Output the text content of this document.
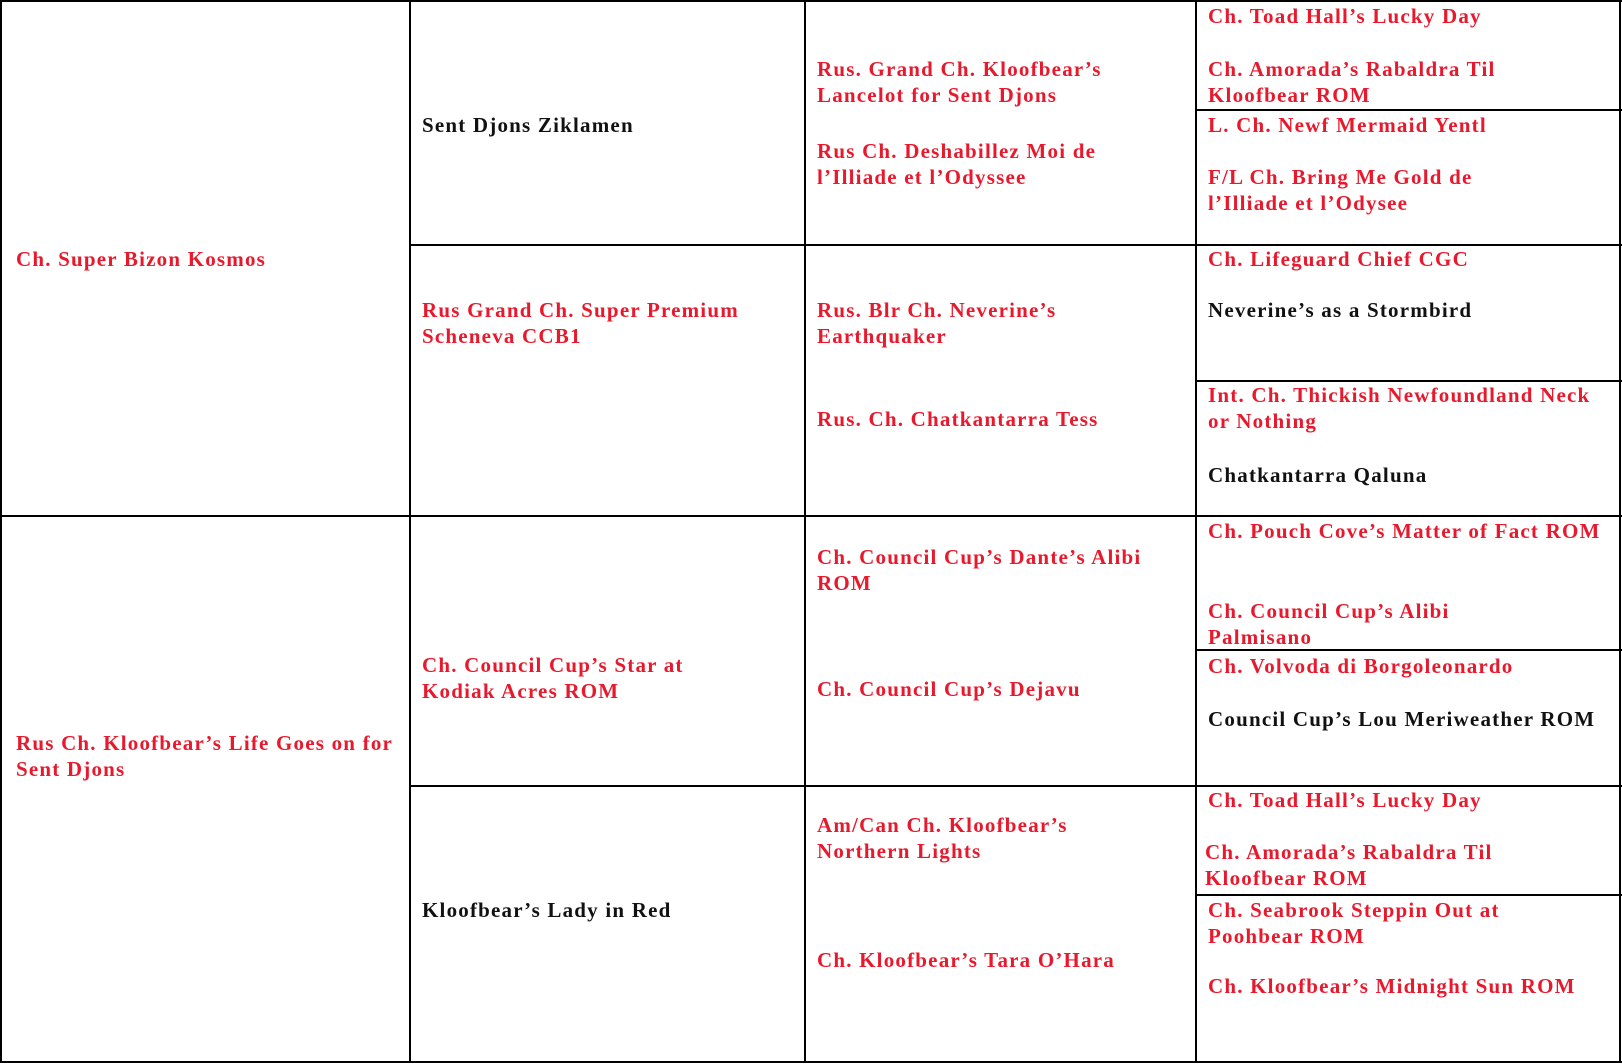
Ch. Super Bizon Kosmos
Rus Ch. Kloofbear’s Life Goes on for Sent Djons
Sent Djons Ziklamen
Rus Grand Ch. Super Premium Scheneva CCB1
Ch. Council Cup’s Star at Kodiak Acres ROM
Kloofbear’s Lady in Red
Rus. Grand Ch. Kloofbear’s Lancelot for Sent Djons
Rus Ch. Deshabillez Moi de l’Illiade et l’Odyssee
Rus. Blr Ch. Neverine’s Earthquaker
Rus. Ch. Chatkantarra Tess
Ch. Council Cup’s Dante’s Alibi ROM
Ch. Council Cup’s Dejavu
Am/Can Ch. Kloofbear’s Northern Lights
Ch. Kloofbear’s Tara O’Hara
Ch. Toad Hall’s Lucky Day
Ch. Amorada’s Rabaldra Til Kloofbear ROM
L. Ch. Newf Mermaid Yentl
F/L Ch. Bring Me Gold de l’Illiade et l’Odysee
Ch. Lifeguard Chief CGC
Neverine’s as a Stormbird
Int. Ch. Thickish Newfoundland Neck or Nothing
Chatkantarra Qaluna
Ch. Pouch Cove’s Matter of Fact ROM
Ch. Council Cup’s Alibi Palmisano
Ch. Volvoda di Borgoleonardo
Council Cup’s Lou Meriweather ROM
Ch. Toad Hall’s Lucky Day
Ch. Amorada’s Rabaldra Til Kloofbear ROM
Ch. Seabrook Steppin Out at Poohbear ROM
Ch. Kloofbear’s Midnight Sun ROM
